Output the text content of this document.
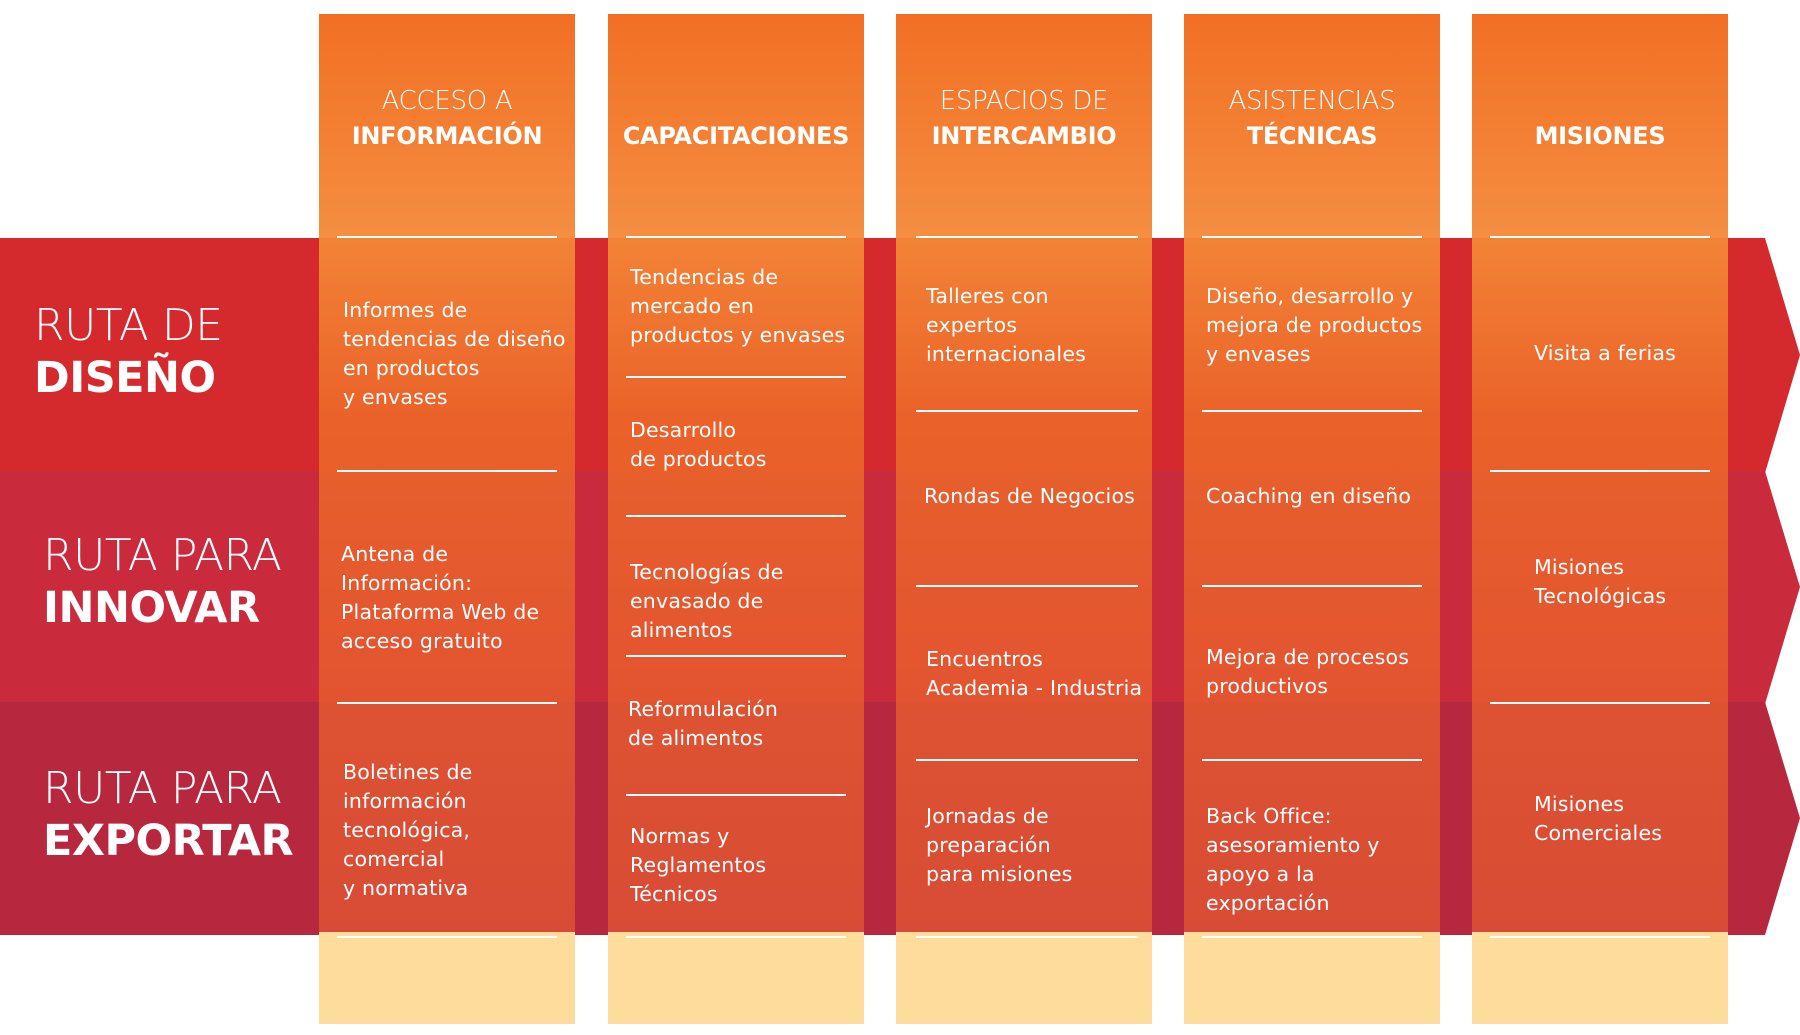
RUTA DE
DISEÑO
RUTA PARA
INNOVAR
RUTA PARA
EXPORTAR
ACCESO A
INFORMACIÓN
Informes de
tendencias de diseño
en productos
y envases
Antena de Información:
Plataforma Web de
acceso gratuito
Boletines de información
tecnológica,
comercial
y normativa
CAPACITACIONES
Tendencias de
mercado en
productos y envases
Desarrollo
de productos
Tecnologías de
envasado de alimentos
Reformulación
de alimentos
Normas y
Reglamentos
Técnicos
ESPACIOS DE
INTERCAMBIO
Talleres con
expertos
internacionales
Rondas de Negocios
Encuentros
Academia - Industria
Jornadas de
preparación
para misiones
ASISTENCIAS
TÉCNICAS
Diseño, desarrollo y
mejora de productos
y envases
Coaching en diseño
Mejora de procesos
productivos
Back Office:
asesoramiento y
apoyo a la exportación
MISIONES
Visita a ferias
Misiones
Tecnológicas
Misiones
Comerciales
